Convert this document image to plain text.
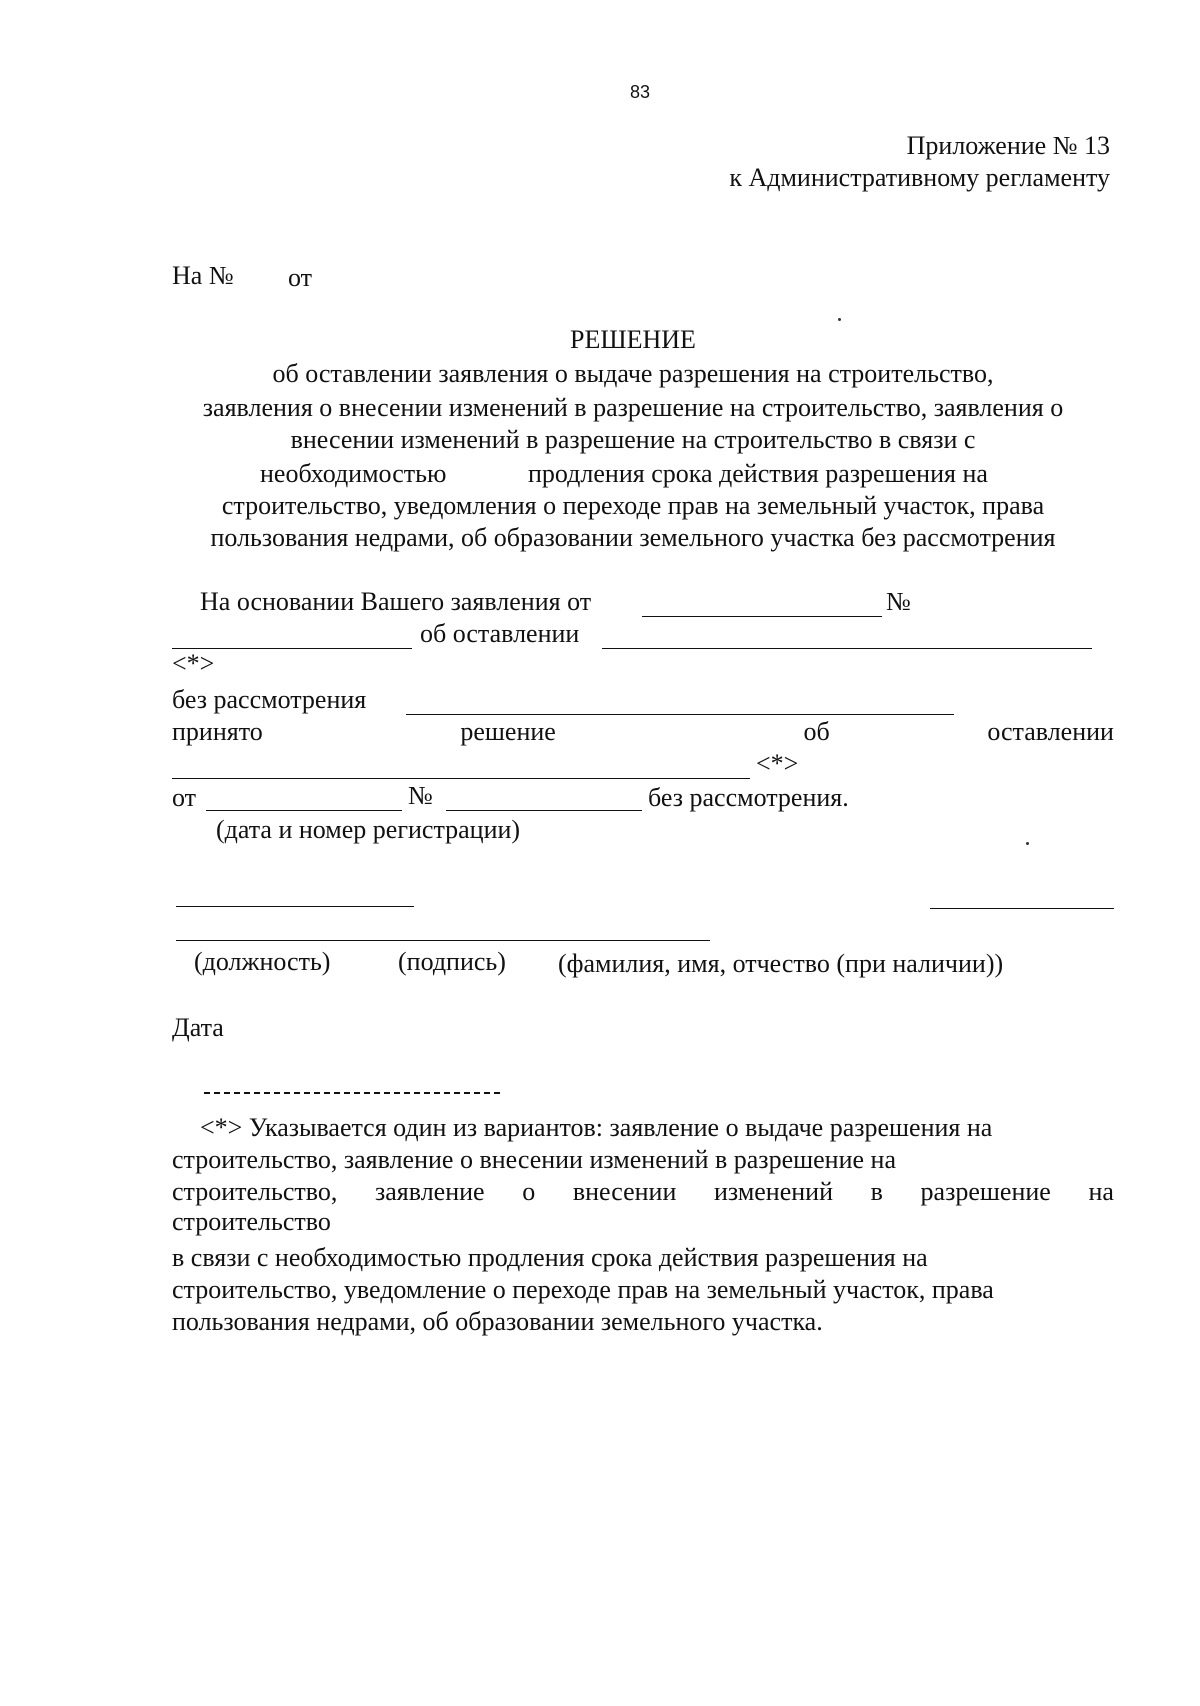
83
Приложение № 13
к Административному регламенту
На № от
РЕШЕНИЕ
об оставлении заявления о выдаче разрешения на строительство,
заявления о внесении изменений в разрешение на строительство, заявления о
внесении изменений в разрешение на строительство в связи с
необходимостью	продления срока действия разрешения на
строительство, уведомления о переходе прав на земельный участок, права
пользования недрами, об образовании земельного участка без рассмотрения
На основании Вашего заявления от	№
об оставлении
<*>
без рассмотрения
принято	решение	об	оставлении
<*>
от	№	без рассмотрения.
(дата и номер регистрации)
(должность)	(подпись) (фамилия, имя, отчество (при наличии))
Дата
<*> Указывается один из вариантов: заявление о выдаче разрешения на
строительство, заявление о внесении изменений в разрешение на
строительство, заявление о внесении изменений в разрешение на
строительство
в связи с необходимостью продления срока действия разрешения на
строительство, уведомление о переходе прав на земельный участок, права
пользования недрами, об образовании земельного участка.
